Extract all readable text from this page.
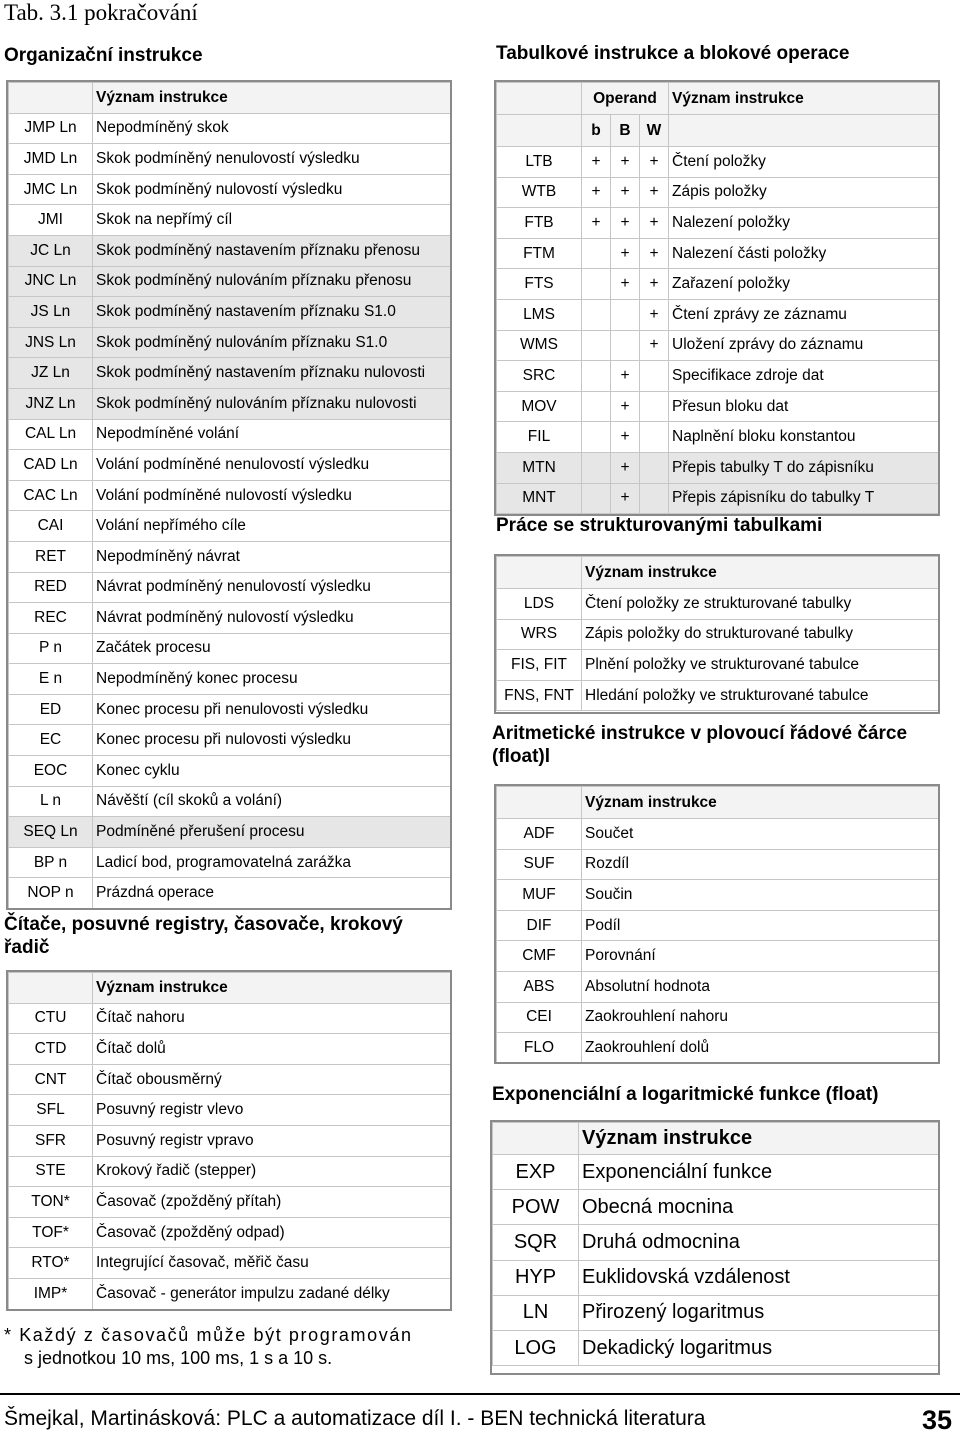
Tab. 3.1 pokračování
Organizační instrukce
	Význam instrukce
JMP Ln	Nepodmíněný skok
JMD Ln	Skok podmíněný nenulovostí výsledku
JMC Ln	Skok podmíněný nulovostí výsledku
JMI	Skok na nepřímý cíl
JC Ln	Skok podmíněný nastavením příznaku přenosu
JNC Ln	Skok podmíněný nulováním příznaku přenosu
JS Ln	Skok podmíněný nastavením příznaku S1.0
JNS Ln	Skok podmíněný nulováním příznaku S1.0
JZ Ln	Skok podmíněný nastavením příznaku nulovosti
JNZ Ln	Skok podmíněný nulováním příznaku nulovosti
CAL Ln	Nepodmíněné volání
CAD Ln	Volání podmíněné nenulovostí výsledku
CAC Ln	Volání podmíněné nulovostí výsledku
CAI	Volání nepřímého cíle
RET	Nepodmíněný návrat
RED	Návrat podmíněný nenulovostí výsledku
REC	Návrat podmíněný nulovostí výsledku
P n	Začátek procesu
E n	Nepodmíněný konec procesu
ED	Konec procesu při nenulovosti výsledku
EC	Konec procesu při nulovosti výsledku
EOC	Konec cyklu
L n	Návěští (cíl skoků a volání)
SEQ Ln	Podmíněné přerušení procesu
BP n	Ladicí bod, programovatelná zarážka
NOP n	Prázdná operace
Čítače, posuvné registry, časovače, krokový řadič
	Význam instrukce
CTU	Čítač nahoru
CTD	Čítač dolů
CNT	Čítač obousměrný
SFL	Posuvný registr vlevo
SFR	Posuvný registr vpravo
STE	Krokový řadič (stepper)
TON*	Časovač (zpožděný přítah)
TOF*	Časovač (zpožděný odpad)
RTO*	Integrující časovač, měřič času
IMP*	Časovač - generátor impulzu zadané délky
* Každý z časovačů může být programován
s jednotkou 10 ms, 100 ms, 1 s a 10 s.
Tabulkové instrukce a blokové operace
	Operand			Význam instrukce
	b	B	W	
LTB	+	+	+	Čtení položky
WTB	+	+	+	Zápis položky
FTB	+	+	+	Nalezení položky
FTM		+	+	Nalezení části položky
FTS		+	+	Zařazení položky
LMS			+	Čtení zprávy ze záznamu
WMS			+	Uložení zprávy do záznamu
SRC		+		Specifikace zdroje dat
MOV		+		Přesun bloku dat
FIL		+		Naplnění bloku konstantou
MTN		+		Přepis tabulky T do zápisníku
MNT		+		Přepis zápisníku do tabulky T
Práce se strukturovanými tabulkami
	Význam instrukce
LDS	Čtení položky ze strukturované tabulky
WRS	Zápis položky do strukturované tabulky
FIS, FIT	Plnění položky ve strukturované tabulce
FNS, FNT	Hledání položky ve strukturované tabulce
Aritmetické instrukce v plovoucí řádové čárce (float)l
	Význam instrukce
ADF	Součet
SUF	Rozdíl
MUF	Součin
DIF	Podíl
CMF	Porovnání
ABS	Absolutní hodnota
CEI	Zaokrouhlení nahoru
FLO	Zaokrouhlení dolů
Exponenciální a logaritmické funkce (float)
	Význam instrukce
EXP	Exponenciální funkce
POW	Obecná mocnina
SQR	Druhá odmocnina
HYP	Euklidovská vzdálenost
LN	Přirozený logaritmus
LOG	Dekadický logaritmus
Šmejkal, Martinásková: PLC a automatizace díl I. - BEN technická literatura	35
